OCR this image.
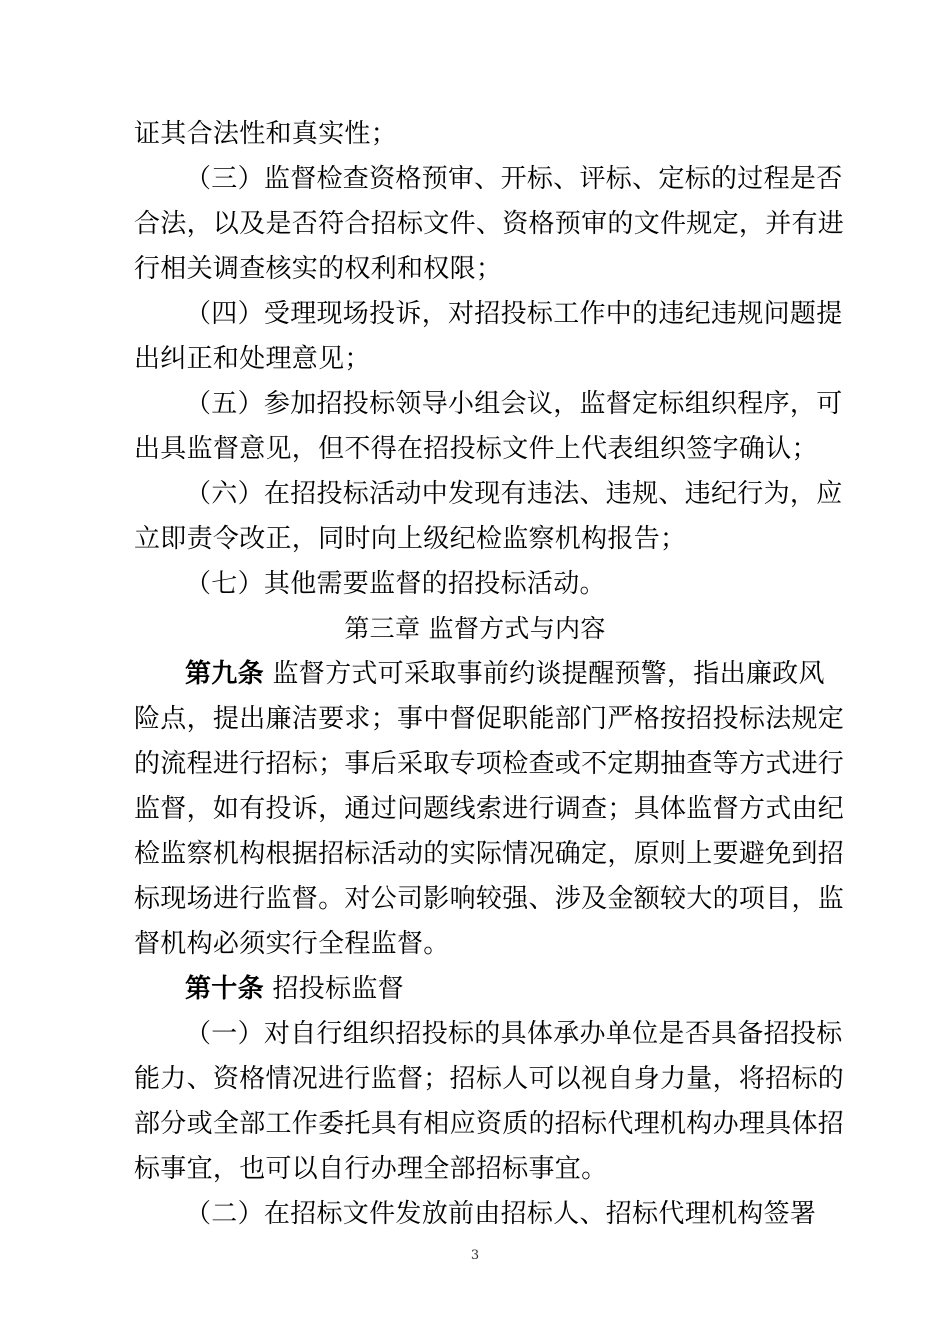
证其合法性和真实性；
（三）监督检查资格预审、开标、评标、定标的过程是否
合法，以及是否符合招标文件、资格预审的文件规定，并有进
行相关调查核实的权利和权限；
（四）受理现场投诉，对招投标工作中的违纪违规问题提
出纠正和处理意见；
（五）参加招投标领导小组会议，监督定标组织程序，可
出具监督意见，但不得在招投标文件上代表组织签字确认；
（六）在招投标活动中发现有违法、违规、违纪行为，应
立即责令改正，同时向上级纪检监察机构报告；
（七）其他需要监督的招投标活动。
第三章 监督方式与内容
第九条 监督方式可采取事前约谈提醒预警，指出廉政风
险点，提出廉洁要求；事中督促职能部门严格按招投标法规定
的流程进行招标；事后采取专项检查或不定期抽查等方式进行
监督，如有投诉，通过问题线索进行调查；具体监督方式由纪
检监察机构根据招标活动的实际情况确定，原则上要避免到招
标现场进行监督。对公司影响较强、涉及金额较大的项目，监
督机构必须实行全程监督。
第十条 招投标监督
（一）对自行组织招投标的具体承办单位是否具备招投标
能力、资格情况进行监督；招标人可以视自身力量，将招标的
部分或全部工作委托具有相应资质的招标代理机构办理具体招
标事宜，也可以自行办理全部招标事宜。
（二）在招标文件发放前由招标人、招标代理机构签署
3
